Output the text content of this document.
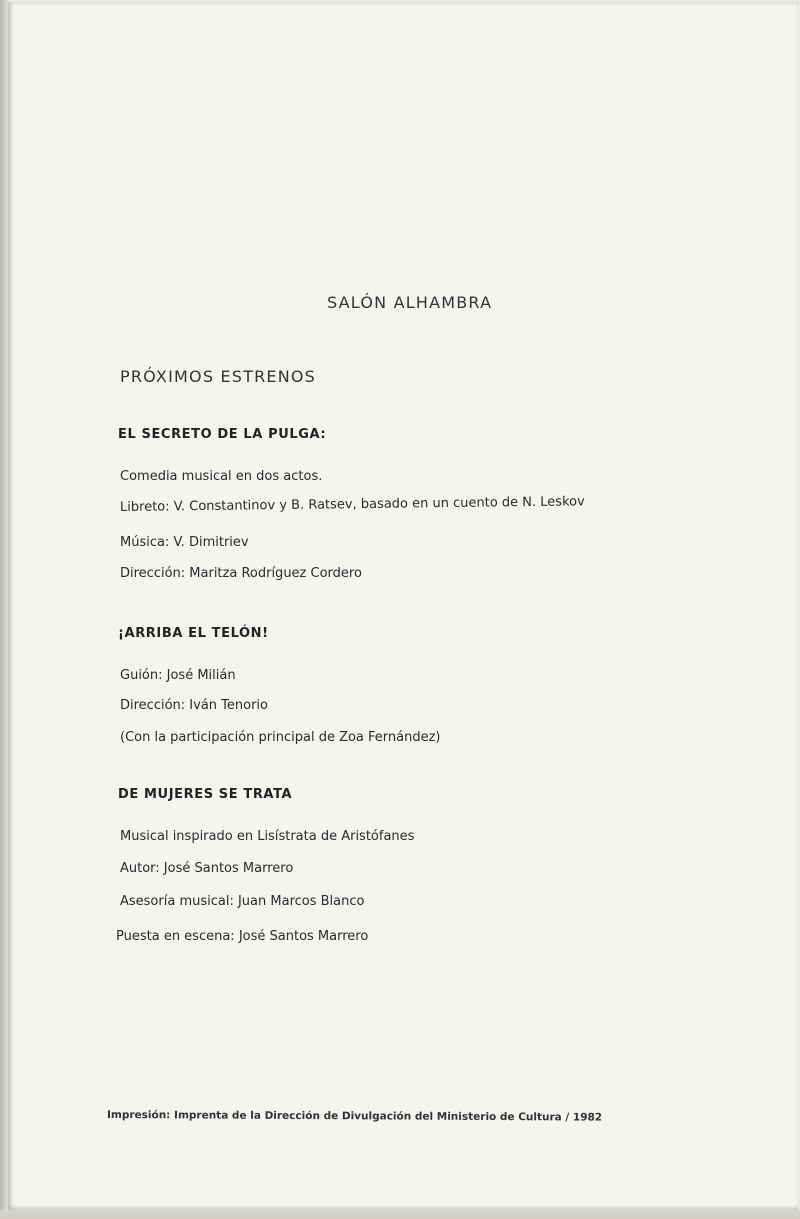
SALÓN ALHAMBRA
PRÓXIMOS ESTRENOS
EL SECRETO DE LA PULGA:
Comedia musical en dos actos.
Libreto: V. Constantinov y B. Ratsev, basado en un cuento de N. Leskov
Música: V. Dimitriev
Dirección: Maritza Rodríguez Cordero
¡ARRIBA EL TELÓN!
Guión: José Milián
Dirección: Iván Tenorio
(Con la participación principal de Zoa Fernández)
DE MUJERES SE TRATA
Musical inspirado en Lisístrata de Aristófanes
Autor: José Santos Marrero
Asesoría musical: Juan Marcos Blanco
Puesta en escena: José Santos Marrero
Impresión: Imprenta de la Dirección de Divulgación del Ministerio de Cultura / 1982
